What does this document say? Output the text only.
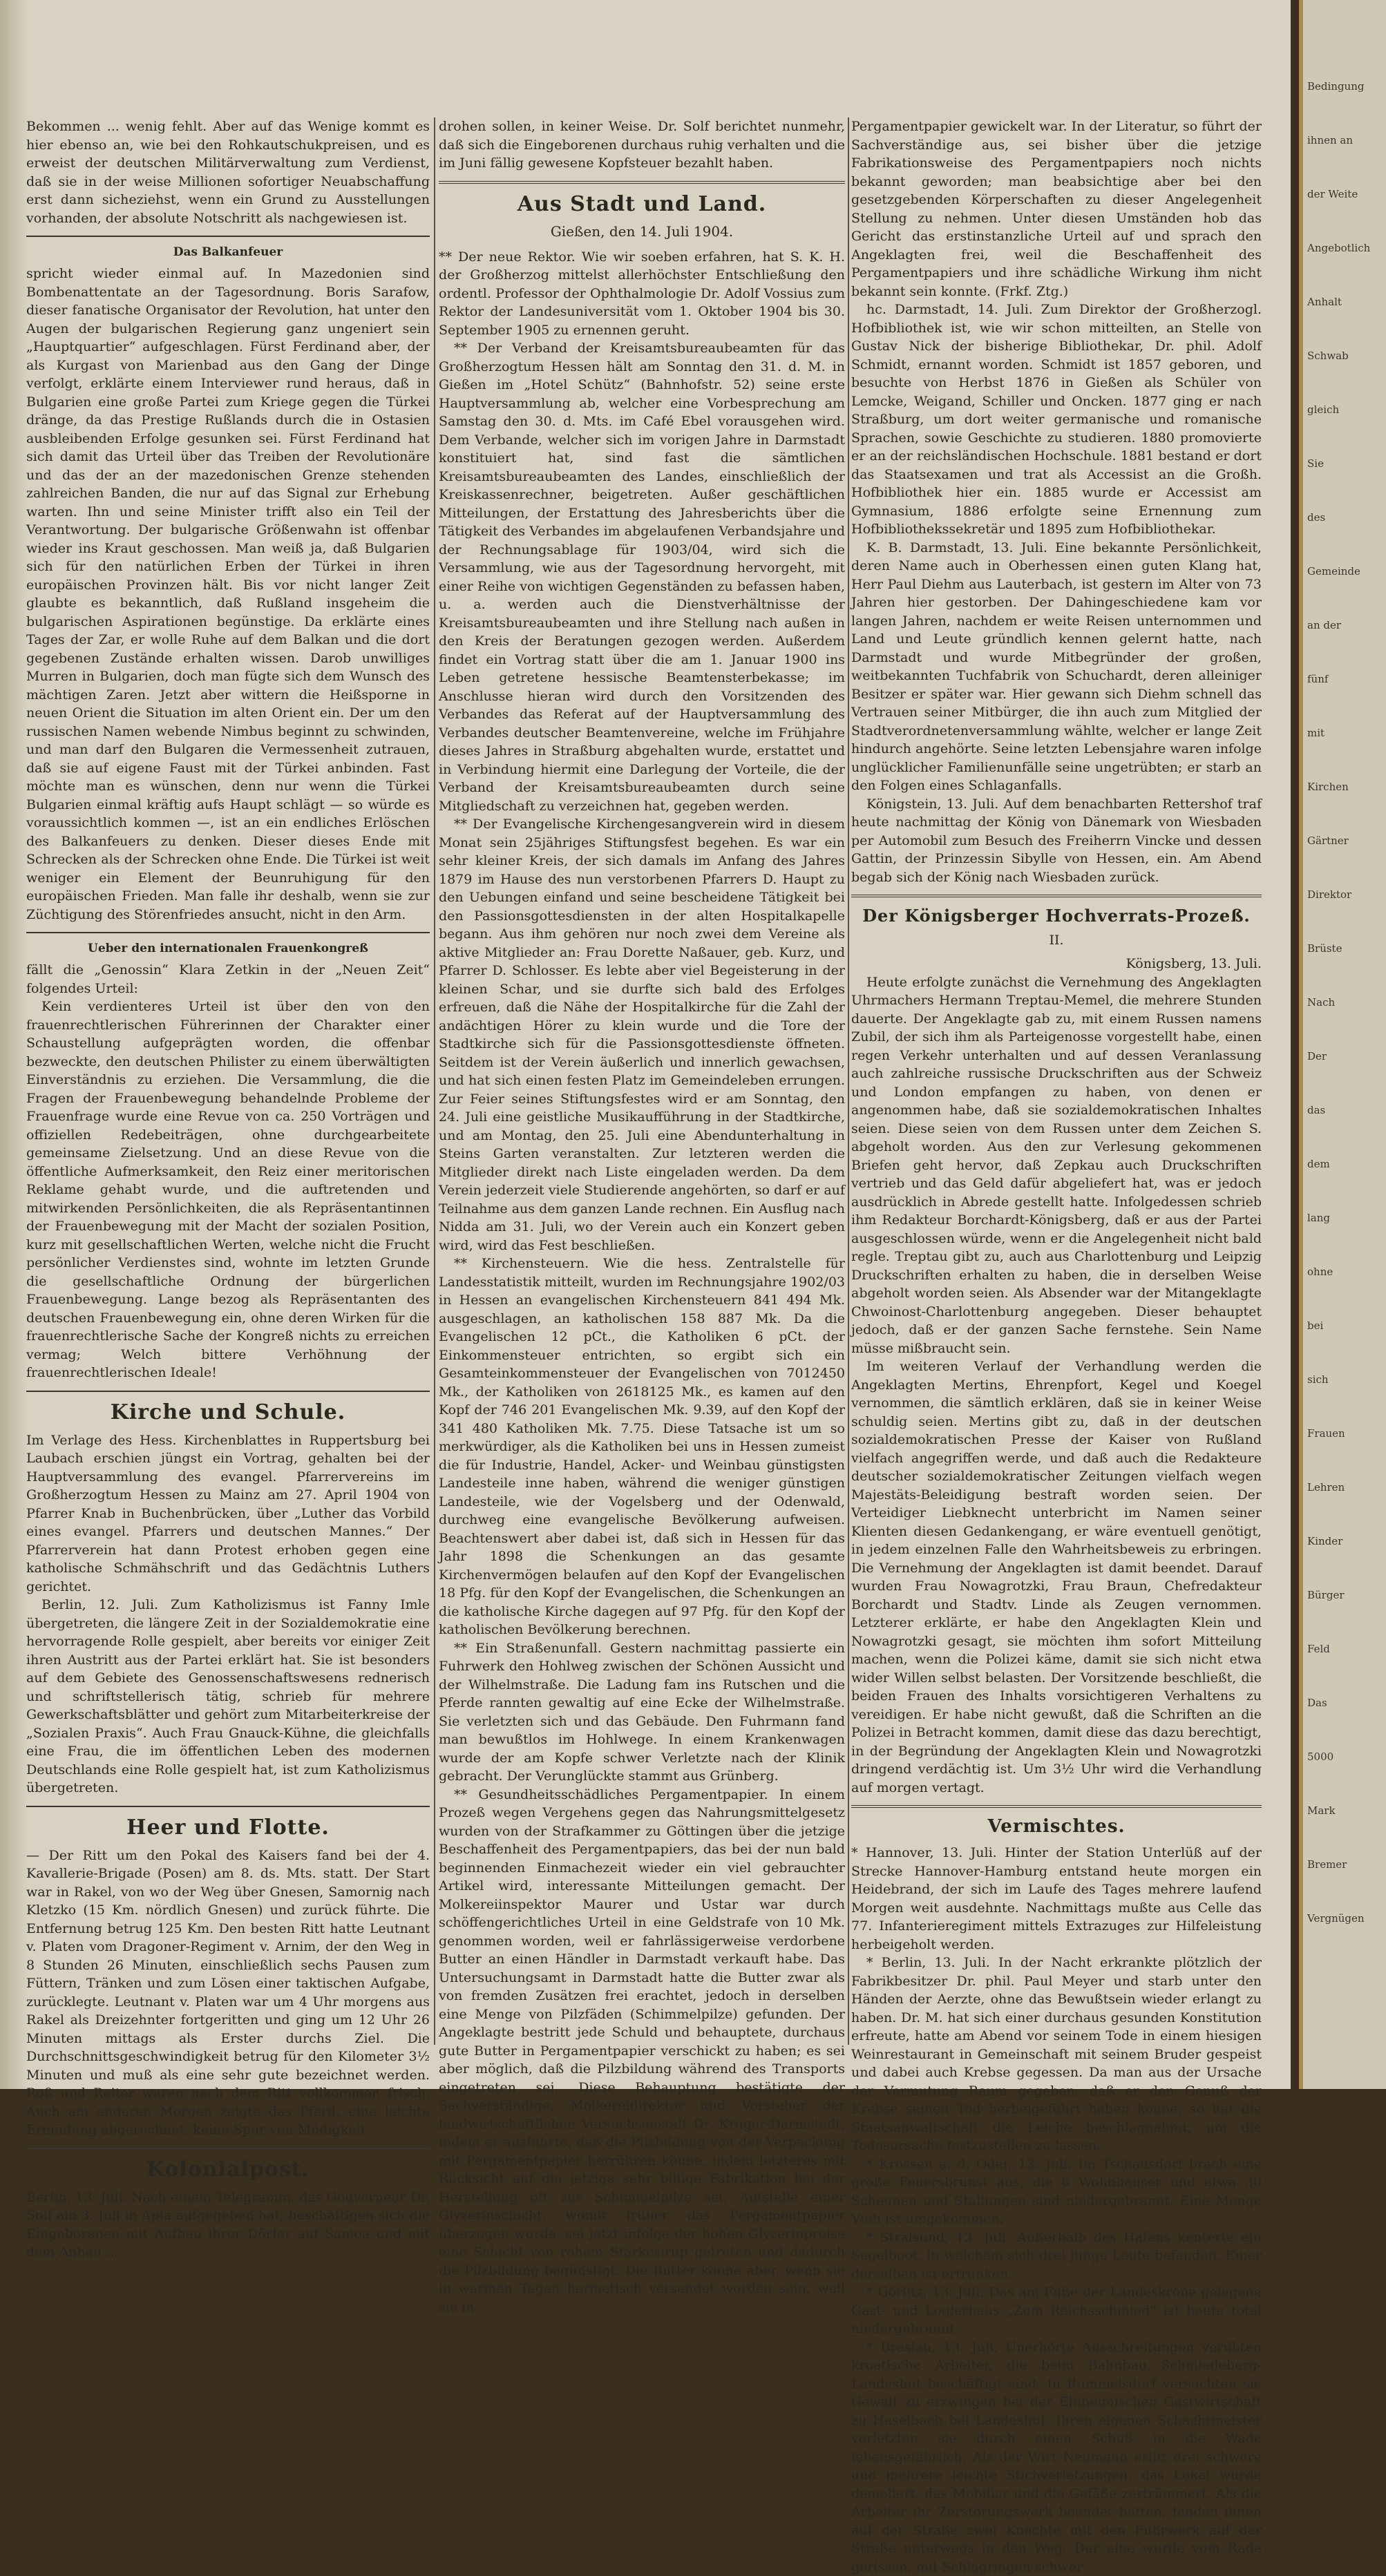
Bekommen ... wenig fehlt. Aber auf das Wenige kommt es hier ebenso an, wie bei den Rohkautschukpreisen, und es erweist der deutschen Militärverwaltung zum Verdienst, daß sie in der weise Millionen sofortiger Neuabschaffung erst dann sicheziehst, wenn ein Grund zu Ausstellungen vorhanden, der absolute Notschritt als nachgewiesen ist.

Das Balkanfeuer

spricht wieder einmal auf. In Mazedonien sind Bombenattentate an der Tagesordnung. Boris Sarafow, dieser fanatische Organisator der Revolution, hat unter den Augen der bulgarischen Regierung ganz ungeniert sein „Hauptquartier“ aufgeschlagen. Fürst Ferdinand aber, der als Kurgast von Marienbad aus den Gang der Dinge verfolgt, erklärte einem Interviewer rund heraus, daß in Bulgarien eine große Partei zum Kriege gegen die Türkei dränge, da das Prestige Rußlands durch die in Ostasien ausbleibenden Erfolge gesunken sei. Fürst Ferdinand hat sich damit das Urteil über das Treiben der Revolutionäre und das der an der mazedonischen Grenze stehenden zahlreichen Banden, die nur auf das Signal zur Erhebung warten. Ihn und seine Minister trifft also ein Teil der Verantwortung. Der bulgarische Größenwahn ist offenbar wieder ins Kraut geschossen. Man weiß ja, daß Bulgarien sich für den natürlichen Erben der Türkei in ihren europäischen Provinzen hält. Bis vor nicht langer Zeit glaubte es bekanntlich, daß Rußland insgeheim die bulgarischen Aspirationen begünstige. Da erklärte eines Tages der Zar, er wolle Ruhe auf dem Balkan und die dort gegebenen Zustände erhalten wissen. Darob unwilliges Murren in Bulgarien, doch man fügte sich dem Wunsch des mächtigen Zaren. Jetzt aber wittern die Heißsporne in neuen Orient die Situation im alten Orient ein. Der um den russischen Namen webende Nimbus beginnt zu schwinden, und man darf den Bulgaren die Vermessenheit zutrauen, daß sie auf eigene Faust mit der Türkei anbinden. Fast möchte man es wünschen, denn nur wenn die Türkei Bulgarien einmal kräftig aufs Haupt schlägt — so würde es voraussichtlich kommen —, ist an ein endliches Erlöschen des Balkanfeuers zu denken. Dieser dieses Ende mit Schrecken als der Schrecken ohne Ende. Die Türkei ist weit weniger ein Element der Beunruhigung für den europäischen Frieden. Man falle ihr deshalb, wenn sie zur Züchtigung des Störenfriedes ansucht, nicht in den Arm.

Ueber den internationalen Frauenkongreß

fällt die „Genossin“ Klara Zetkin in der „Neuen Zeit“ folgendes Urteil:

Kein verdienteres Urteil ist über den von den frauenrechtlerischen Führerinnen der Charakter einer Schaustellung aufgeprägten worden, die offenbar bezweckte, den deutschen Philister zu einem überwältigten Einverständnis zu erziehen. Die Versammlung, die die Fragen der Frauenbewegung behandelnde Probleme der Frauenfrage wurde eine Revue von ca. 250 Vorträgen und offiziellen Redebeiträgen, ohne durchgearbeitete gemeinsame Zielsetzung. Und an diese Revue von die öffentliche Aufmerksamkeit, den Reiz einer meritorischen Reklame gehabt wurde, und die auftretenden und mitwirkenden Persönlichkeiten, die als Repräsentantinnen der Frauenbewegung mit der Macht der sozialen Position, kurz mit gesellschaftlichen Werten, welche nicht die Frucht persönlicher Verdienstes sind, wohnte im letzten Grunde die gesellschaftliche Ordnung der bürgerlichen Frauenbewegung. Lange bezog als Repräsentanten des deutschen Frauenbewegung ein, ohne deren Wirken für die frauenrechtlerische Sache der Kongreß nichts zu erreichen vermag; Welch bittere Verhöhnung der frauenrechtlerischen Ideale!

Kirche und Schule.

Im Verlage des Hess. Kirchenblattes in Ruppertsburg bei Laubach erschien jüngst ein Vortrag, gehalten bei der Hauptversammlung des evangel. Pfarrervereins im Großherzogtum Hessen zu Mainz am 27. April 1904 von Pfarrer Knab in Buchenbrücken, über „Luther das Vorbild eines evangel. Pfarrers und deutschen Mannes.“ Der Pfarrerverein hat dann Protest erhoben gegen eine katholische Schmähschrift und das Gedächtnis Luthers gerichtet.

Berlin, 12. Juli. Zum Katholizismus ist Fanny Imle übergetreten, die längere Zeit in der Sozialdemokratie eine hervorragende Rolle gespielt, aber bereits vor einiger Zeit ihren Austritt aus der Partei erklärt hat. Sie ist besonders auf dem Gebiete des Genossenschaftswesens rednerisch und schriftstellerisch tätig, schrieb für mehrere Gewerkschaftsblätter und gehört zum Mitarbeiterkreise der „Sozialen Praxis“. Auch Frau Gnauck-Kühne, die gleichfalls eine Frau, die im öffentlichen Leben des modernen Deutschlands eine Rolle gespielt hat, ist zum Katholizismus übergetreten.

Heer und Flotte.

— Der Ritt um den Pokal des Kaisers fand bei der 4. Kavallerie-Brigade (Posen) am 8. ds. Mts. statt. Der Start war in Rakel, von wo der Weg über Gnesen, Samornig nach Kletzko (15 Km. nördlich Gnesen) und zurück führte. Die Entfernung betrug 125 Km. Den besten Ritt hatte Leutnant v. Platen vom Dragoner-Regiment v. Arnim, der den Weg in 8 Stunden 26 Minuten, einschließlich sechs Pausen zum Füttern, Tränken und zum Lösen einer taktischen Aufgabe, zurücklegte. Leutnant v. Platen war um 4 Uhr morgens aus Rakel als Dreizehnter fortgeritten und ging um 12 Uhr 26 Minuten mittags als Erster durchs Ziel. Die Durchschnittsgeschwindigkeit betrug für den Kilometer 3½ Minuten und muß als eine sehr gute bezeichnet werden. Roß und Reiter waren nach dem Ritt vollkommen frisch. Auch am anderen Morgen zeigte das Pferd, eine leichte Ermüdung abgerechnet, keine Spur von Müdigkeit.

Kolonialpost.

Berlin, 13. Juli. Nach einem Telegramm, das Gouverneur Dr. Solf am 3. Juli in Apia aufgegeben hat, beschäftigen sich die Eingeborenen mit Aufbau ihrer Dörfer auf Samoa und mit dem Anbau ...

drohen sollen, in keiner Weise. Dr. Solf berichtet nunmehr, daß sich die Eingeborenen durchaus ruhig verhalten und die im Juni fällig gewesene Kopfsteuer bezahlt haben.

Aus Stadt und Land.
Gießen, den 14. Juli 1904.

** Der neue Rektor. Wie wir soeben erfahren, hat S. K. H. der Großherzog mittelst allerhöchster Entschließung den ordentl. Professor der Ophthalmologie Dr. Adolf Vossius zum Rektor der Landesuniversität vom 1. Oktober 1904 bis 30. September 1905 zu ernennen geruht.

** Der Verband der Kreisamtsbureaubeamten für das Großherzogtum Hessen hält am Sonntag den 31. d. M. in Gießen im „Hotel Schütz“ (Bahnhofstr. 52) seine erste Hauptversammlung ab, welcher eine Vorbesprechung am Samstag den 30. d. Mts. im Café Ebel vorausgehen wird. Dem Verbande, welcher sich im vorigen Jahre in Darmstadt konstituiert hat, sind fast die sämtlichen Kreisamtsbureaubeamten des Landes, einschließlich der Kreiskassenrechner, beigetreten. Außer geschäftlichen Mitteilungen, der Erstattung des Jahresberichts über die Tätigkeit des Verbandes im abgelaufenen Verbandsjahre und der Rechnungsablage für 1903/04, wird sich die Versammlung, wie aus der Tagesordnung hervorgeht, mit einer Reihe von wichtigen Gegenständen zu befassen haben, u. a. werden auch die Dienstverhältnisse der Kreisamtsbureaubeamten und ihre Stellung nach außen in den Kreis der Beratungen gezogen werden. Außerdem findet ein Vortrag statt über die am 1. Januar 1900 ins Leben getretene hessische Beamtensterbekasse; im Anschlusse hieran wird durch den Vorsitzenden des Verbandes das Referat auf der Hauptversammlung des Verbandes deutscher Beamtenvereine, welche im Frühjahre dieses Jahres in Straßburg abgehalten wurde, erstattet und in Verbindung hiermit eine Darlegung der Vorteile, die der Verband der Kreisamtsbureaubeamten durch seine Mitgliedschaft zu verzeichnen hat, gegeben werden.

** Der Evangelische Kirchengesangverein wird in diesem Monat sein 25jähriges Stiftungsfest begehen. Es war ein sehr kleiner Kreis, der sich damals im Anfang des Jahres 1879 im Hause des nun verstorbenen Pfarrers D. Haupt zu den Uebungen einfand und seine bescheidene Tätigkeit bei den Passionsgottesdiensten in der alten Hospitalkapelle begann. Aus ihm gehören nur noch zwei dem Vereine als aktive Mitglieder an: Frau Dorette Naßauer, geb. Kurz, und Pfarrer D. Schlosser. Es lebte aber viel Begeisterung in der kleinen Schar, und sie durfte sich bald des Erfolges erfreuen, daß die Nähe der Hospitalkirche für die Zahl der andächtigen Hörer zu klein wurde und die Tore der Stadtkirche sich für die Passionsgottesdienste öffneten. Seitdem ist der Verein äußerlich und innerlich gewachsen, und hat sich einen festen Platz im Gemeindeleben errungen. Zur Feier seines Stiftungsfestes wird er am Sonntag, den 24. Juli eine geistliche Musikaufführung in der Stadtkirche, und am Montag, den 25. Juli eine Abendunterhaltung in Steins Garten veranstalten. Zur letzteren werden die Mitglieder direkt nach Liste eingeladen werden. Da dem Verein jederzeit viele Studierende angehörten, so darf er auf Teilnahme aus dem ganzen Lande rechnen. Ein Ausflug nach Nidda am 31. Juli, wo der Verein auch ein Konzert geben wird, wird das Fest beschließen.

** Kirchensteuern. Wie die hess. Zentralstelle für Landesstatistik mitteilt, wurden im Rechnungsjahre 1902/03 in Hessen an evangelischen Kirchensteuern 841 494 Mk. ausgeschlagen, an katholischen 158 887 Mk. Da die Evangelischen 12 pCt., die Katholiken 6 pCt. der Einkommensteuer entrichten, so ergibt sich ein Gesamteinkommensteuer der Evangelischen von 7012450 Mk., der Katholiken von 2618125 Mk., es kamen auf den Kopf der 746 201 Evangelischen Mk. 9.39, auf den Kopf der 341 480 Katholiken Mk. 7.75. Diese Tatsache ist um so merkwürdiger, als die Katholiken bei uns in Hessen zumeist die für Industrie, Handel, Acker- und Weinbau günstigsten Landesteile inne haben, während die weniger günstigen Landesteile, wie der Vogelsberg und der Odenwald, durchweg eine evangelische Bevölkerung aufweisen. Beachtenswert aber dabei ist, daß sich in Hessen für das Jahr 1898 die Schenkungen an das gesamte Kirchenvermögen belaufen auf den Kopf der Evangelischen 18 Pfg. für den Kopf der Evangelischen, die Schenkungen an die katholische Kirche dagegen auf 97 Pfg. für den Kopf der katholischen Bevölkerung berechnen.

** Ein Straßenunfall. Gestern nachmittag passierte ein Fuhrwerk den Hohlweg zwischen der Schönen Aussicht und der Wilhelmstraße. Die Ladung fam ins Rutschen und die Pferde rannten gewaltig auf eine Ecke der Wilhelmstraße. Sie verletzten sich und das Gebäude. Den Fuhrmann fand man bewußtlos im Hohlwege. In einem Krankenwagen wurde der am Kopfe schwer Verletzte nach der Klinik gebracht. Der Verunglückte stammt aus Grünberg.

** Gesundheitsschädliches Pergamentpapier. In einem Prozeß wegen Vergehens gegen das Nahrungsmittelgesetz wurden von der Strafkammer zu Göttingen über die jetzige Beschaffenheit des Pergamentpapiers, das bei der nun bald beginnenden Einmachezeit wieder ein viel gebrauchter Artikel wird, interessante Mitteilungen gemacht. Der Molkereiinspektor Maurer und Ustar war durch schöffengerichtliches Urteil in eine Geldstrafe von 10 Mk. genommen worden, weil er fahrlässigerweise verdorbene Butter an einen Händler in Darmstadt verkauft habe. Das Untersuchungsamt in Darmstadt hatte die Butter zwar als von fremden Zusätzen frei erachtet, jedoch in derselben eine Menge von Pilzfäden (Schimmelpilze) gefunden. Der Angeklagte bestritt jede Schuld und behauptete, durchaus gute Butter in Pergamentpapier verschickt zu haben; es sei aber möglich, daß die Pilzbildung während des Transports eingetreten sei. Diese Behauptung bestätigte der Sachverständige, Molkereidirektor und Vorsteher der landwirtschaftlichen Versuchsanstalt Dr. Krüger-Darmstadt, indem er ausführte, daß die Pilzbildung von der Verpackung mit Pergamentpapier herrühren könne, indem letzteres mit Rücksicht auf die jetzige sehr billige Fabrikation bei der Herstellung oft zur Schimmelpilze sei. Aufstelle einer Glyzerinschicht, womit früher das Pergamentpapier überzogen wurde, sei jetzt infolge der hohen Glyzerinpreise eine Schicht von rohem Stärkesirup getreten und dadurch die Pilzbildung begünstigt. Die Butter könne aber, wenn sie in warmen Tagen hermetisch versendet worden sein, weil sie in

Pergamentpapier gewickelt war. In der Literatur, so führt der Sachverständige aus, sei bisher über die jetzige Fabrikationsweise des Pergamentpapiers noch nichts bekannt geworden; man beabsichtige aber bei den gesetzgebenden Körperschaften zu dieser Angelegenheit Stellung zu nehmen. Unter diesen Umständen hob das Gericht das erstinstanzliche Urteil auf und sprach den Angeklagten frei, weil die Beschaffenheit des Pergamentpapiers und ihre schädliche Wirkung ihm nicht bekannt sein konnte. (Frkf. Ztg.)

hc. Darmstadt, 14. Juli. Zum Direktor der Großherzogl. Hofbibliothek ist, wie wir schon mitteilten, an Stelle von Gustav Nick der bisherige Bibliothekar, Dr. phil. Adolf Schmidt, ernannt worden. Schmidt ist 1857 geboren, und besuchte von Herbst 1876 in Gießen als Schüler von Lemcke, Weigand, Schiller und Oncken. 1877 ging er nach Straßburg, um dort weiter germanische und romanische Sprachen, sowie Geschichte zu studieren. 1880 promovierte er an der reichsländischen Hochschule. 1881 bestand er dort das Staatsexamen und trat als Accessist an die Großh. Hofbibliothek hier ein. 1885 wurde er Accessist am Gymnasium, 1886 erfolgte seine Ernennung zum Hofbibliothekssekretär und 1895 zum Hofbibliothekar.

K. B. Darmstadt, 13. Juli. Eine bekannte Persönlichkeit, deren Name auch in Oberhessen einen guten Klang hat, Herr Paul Diehm aus Lauterbach, ist gestern im Alter von 73 Jahren hier gestorben. Der Dahingeschiedene kam vor langen Jahren, nachdem er weite Reisen unternommen und Land und Leute gründlich kennen gelernt hatte, nach Darmstadt und wurde Mitbegründer der großen, weitbekannten Tuchfabrik von Schuchardt, deren alleiniger Besitzer er später war. Hier gewann sich Diehm schnell das Vertrauen seiner Mitbürger, die ihn auch zum Mitglied der Stadtverordnetenversammlung wählte, welcher er lange Zeit hindurch angehörte. Seine letzten Lebensjahre waren infolge unglücklicher Familienunfälle seine ungetrübten; er starb an den Folgen eines Schlaganfalls.

Königstein, 13. Juli. Auf dem benachbarten Rettershof traf heute nachmittag der König von Dänemark von Wiesbaden per Automobil zum Besuch des Freiherrn Vincke und dessen Gattin, der Prinzessin Sibylle von Hessen, ein. Am Abend begab sich der König nach Wiesbaden zurück.

Der Königsberger Hochverrats-Prozeß.
II.

Königsberg, 13. Juli.

Heute erfolgte zunächst die Vernehmung des Angeklagten Uhrmachers Hermann Treptau-Memel, die mehrere Stunden dauerte. Der Angeklagte gab zu, mit einem Russen namens Zubil, der sich ihm als Parteigenosse vorgestellt habe, einen regen Verkehr unterhalten und auf dessen Veranlassung auch zahlreiche russische Druckschriften aus der Schweiz und London empfangen zu haben, von denen er angenommen habe, daß sie sozialdemokratischen Inhaltes seien. Diese seien von dem Russen unter dem Zeichen S. abgeholt worden. Aus den zur Verlesung gekommenen Briefen geht hervor, daß Zepkau auch Druckschriften vertrieb und das Geld dafür abgeliefert hat, was er jedoch ausdrücklich in Abrede gestellt hatte. Infolgedessen schrieb ihm Redakteur Borchardt-Königsberg, daß er aus der Partei ausgeschlossen würde, wenn er die Angelegenheit nicht bald regle. Treptau gibt zu, auch aus Charlottenburg und Leipzig Druckschriften erhalten zu haben, die in derselben Weise abgeholt worden seien. Als Absender war der Mitangeklagte Chwoinost-Charlottenburg angegeben. Dieser behauptet jedoch, daß er der ganzen Sache fernstehe. Sein Name müsse mißbraucht sein.

Im weiteren Verlauf der Verhandlung werden die Angeklagten Mertins, Ehrenpfort, Kegel und Koegel vernommen, die sämtlich erklären, daß sie in keiner Weise schuldig seien. Mertins gibt zu, daß in der deutschen sozialdemokratischen Presse der Kaiser von Rußland vielfach angegriffen werde, und daß auch die Redakteure deutscher sozialdemokratischer Zeitungen vielfach wegen Majestäts-Beleidigung bestraft worden seien. Der Verteidiger Liebknecht unterbricht im Namen seiner Klienten diesen Gedankengang, er wäre eventuell genötigt, in jedem einzelnen Falle den Wahrheitsbeweis zu erbringen. Die Vernehmung der Angeklagten ist damit beendet. Darauf wurden Frau Nowagrotzki, Frau Braun, Chefredakteur Borchardt und Stadtv. Linde als Zeugen vernommen. Letzterer erklärte, er habe den Angeklagten Klein und Nowagrotzki gesagt, sie möchten ihm sofort Mitteilung machen, wenn die Polizei käme, damit sie sich nicht etwa wider Willen selbst belasten. Der Vorsitzende beschließt, die beiden Frauen des Inhalts vorsichtigeren Verhaltens zu vereidigen. Er habe nicht gewußt, daß die Schriften an die Polizei in Betracht kommen, damit diese das dazu berechtigt, in der Begründung der Angeklagten Klein und Nowagrotzki dringend verdächtig ist. Um 3½ Uhr wird die Verhandlung auf morgen vertagt.

Vermischtes.

* Hannover, 13. Juli. Hinter der Station Unterlüß auf der Strecke Hannover-Hamburg entstand heute morgen ein Heidebrand, der sich im Laufe des Tages mehrere laufend Morgen weit ausdehnte. Nachmittags mußte aus Celle das 77. Infanterieregiment mittels Extrazuges zur Hilfeleistung herbeigeholt werden.

* Berlin, 13. Juli. In der Nacht erkrankte plötzlich der Fabrikbesitzer Dr. phil. Paul Meyer und starb unter den Händen der Aerzte, ohne das Bewußtsein wieder erlangt zu haben. Dr. M. hat sich einer durchaus gesunden Konstitution erfreute, hatte am Abend vor seinem Tode in einem hiesigen Weinrestaurant in Gemeinschaft mit seinem Bruder gespeist und dabei auch Krebse gegessen. Da man aus der Ursache der Vermutung Raum gegeben, daß er den Genuß der Krebse seinen Tod herbeigeführt haben könne, so hat die Staatsanwaltschaft die Leiche beschlagnahmt, um die Todesursache festzustellen zu lassen.

* Krossen a. d. Oder, 13. Juli. Im Tschausdorf brach eine große Feuersbrunst aus, die 6 Wohnhäuser und etwa 30 Scheunen und Stallungen sind niedergebrannt. Eine Menge Vieh ist umgekommen.

* Stralsund, 13. Juli. Außerhalb des Hafens kenterte ein Segelboot, in welchem sich drei junge Leute befanden. Einer derselben ist ertrunken.

* Görlitz, 13. Juli. Das am Fuße der Landeskrone gelegene Gast- und Logierhaus „Zum Reichsschmied“ ist heute total niedergebrannt.

* Breslau, 13. Juli. Unerhörte Ausschreitungen verübten kroatische Arbeiter, die beim Bahnbau Schmiedeberg-Landeshut beschäftigt sind. In Rummelsdorf versuchten sie Gewalt zu erzwingen bei der Einheimischen Gastwirtschaft zu Haselbach bei Landeshut. Ihren eigenen Schachtmeister verletzten sie durch einen Schuß in die Wade lebensgefährlich. Als der Wirt Neumann erlitt drei schwere und mehrere leichte Stichverletzungen, das Lokal wurde demoliert, das Mobiliar und die Gefäße zertrümmert. Als die Arbeiter ihr Zerstörungswerk beendet hatten, fanden ihnen auf der Straße zwei Knechte mit den Fuhrwerk auf der Straße unterwegs in den Weg. Der eine wurde vom Rade gerissen, mit Schlagringen schwer

Bedingung
ihnen an
der Weite
Angebotlich
Anhalt
Schwab
gleich
Sie
des
Gemeinde
an der
fünf
mit
Kirchen
Gärtner
Direktor
Brüste
Nach
Der
das
dem
lang
ohne
bei
sich
Frauen
Lehren
Kinder
Bürger
Feld
Das
5000
Mark
Bremer
Vergnügen
